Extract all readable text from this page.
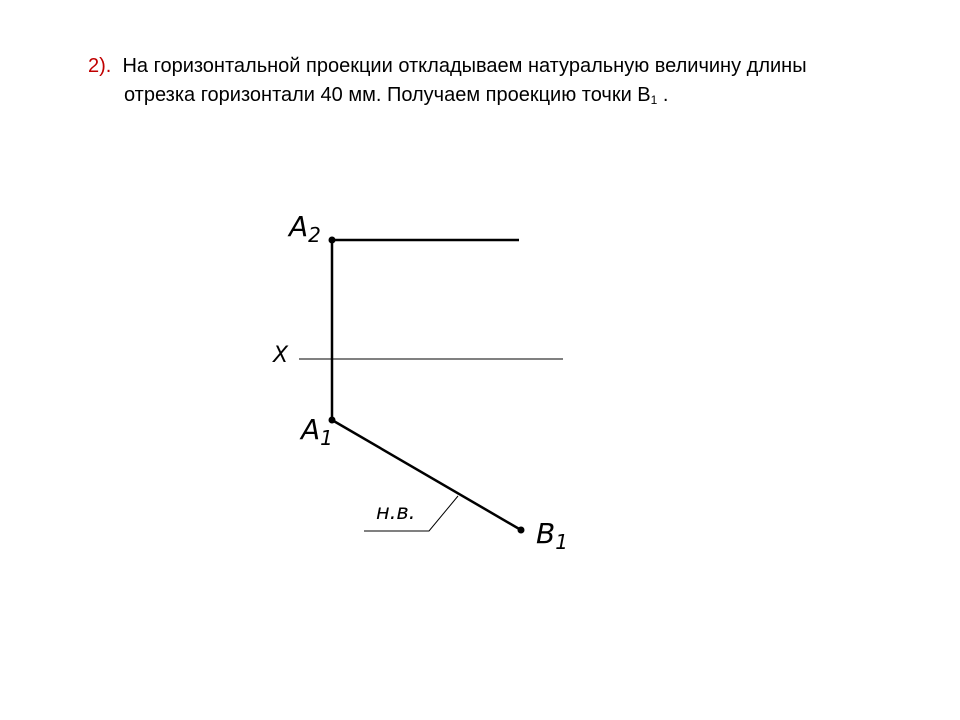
2). На горизонтальной проекции откладываем натуральную величину длины
отрезка горизонтали 40 мм. Получаем проекцию точки $B_1$ .
$A_2$
X
$A_1$
$B_1$
н.в.
